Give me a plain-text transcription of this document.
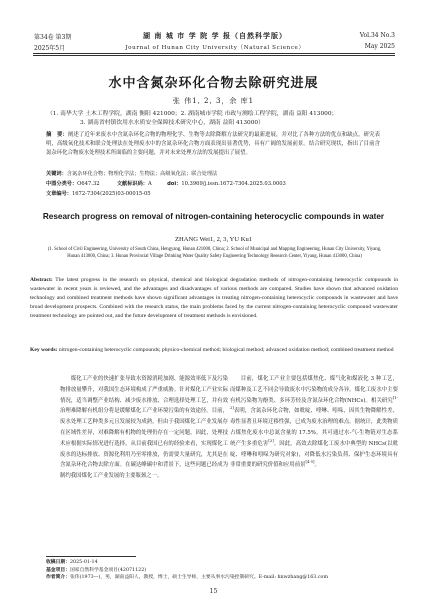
第34卷 第3期	湖 南 城 市 学 院 学 报（自然科学版）	Vol.34 No.3
2025年5月	Journal of Hunan City University（Natural Science）	May 2025
水中含氮杂环化合物去除研究进展
张 伟1, 2, 3，余 库1
（1. 南华大学 土木工程学院，湖南 衡阳 421000；2. 湖南城市学院 市政与测绘工程学院，湖南 益阳 413000；
3. 湖南省村镇饮用水水质安全保障技术研究中心，湖南 益阳 413000）
摘　要：阐述了近年来废水中含氮杂环化合物的物理化学、生物等去除降解方法研究的最新进展，并对比了各种方法的优点和缺点。研究表明，高级氧化技术和联合处理法在处理废水中的含氮杂环化合物方面表现出显著优势，具有广阔的发展前景。结合研究现状，指出了目前含氮杂环化合物废水处理技术所面临的主要问题，并对未来处理方法的发展提出了展望。
关键词：含氮杂环化合物；物理化学法；生物法；高级氧化法；联合处理法
中图分类号：O647.32	文献标识码：A	doi：10.3969/j.issn.1672-7304.2025.03.0003
文章编号：1672-7304(2025)03-00015-05
Research progress on removal of nitrogen-containing heterocyclic compounds in water
ZHANG Wei1, 2, 3, YU Ku1
(1. School of Civil Engineering, University of South China, Hengyang, Hunan 421000, China; 2. School of Municipal and Mapping Engineering, Hunan City University, Yiyang, Hunan 413000, China; 3. Hunan Provincial Village Drinking Water Quality Safety Engineering Technology Research Center, Yiyang, Hunan 413000, China)
Abstract: The latest progress in the research on physical, chemical and biological degradation methods of nitrogen-containing heterocyclic compounds in wastewater in recent years is reviewed, and the advantages and disadvantages of various methods are compared. Studies have shown that advanced oxidation technology and combined treatment methods have shown significant advantages in treating nitrogen-containing heterocyclic compounds in wastewater and have broad development prospects. Combined with the research status, the main problems faced by the current nitrogen-containing heterocyclic compound wastewater treatment technology are pointed out, and the future development of treatment methods is envisioned.
Key words: nitrogen-containing heterocyclic compounds; physico-chemical method; biological method; advanced oxidation method; combined treatment method

煤化工产业的快速扩张导致水资源消耗加剧、能源效率低下及污染物排放量攀升，对我国生态环境构成了严重威胁。针对煤化工产业实际情况，适当调整产业结构、减少废水排放、合理选择处理工艺，并有效治理难降解有机组分将是缓解煤化工产业环境污染的有效途径。目前，废水处理工艺种类多元且发展较为成熟，但由于我国煤化工产业发展存在区域性差异，对难降解有机物的处理仍存在一定问题，因此，处理技术应根据实际情况进行选择。从目前我国已有的经验来看，实现煤化工废水的达标排放、资源化利用乃至零排放，仍需要大量研究，尤其是在含氮杂环化合物去除方面。在碳达峰碳中和背景下，这些问题已经成为制约我国煤化工产业发展的主要瓶颈之一。

目前，煤化工产业主要包括煤焦化、煤气化和煤液化 3 种工艺，而煤种及工艺不同会导致废水中污染物的成分各异。煤化工废水中主要有机污染物为酚类、多环芳烃及含氮杂环化合物(NHCs)。相关研究[1-2]表明，含氮杂环化合物，如吡啶、喹啉、吲哚，因其生物降解性差、毒性显著且环境迁移性强，已成为废水治理的难点。据统计，此类物质占煤焦化废水中总氮含量的 17.5%，其可通过水-气-生物链对生态系统产生多重危害[3]。因此，高效去除煤化工废水中典型的 NHCs(以吡啶、喹啉和吲哚为研究对象)，对降低水污染负荷、保护生态环境具有非常重要的研究价值和应用前景[4-5]。

收稿日期：2025-01-14
基金项目：国家自然科学基金项目(42071122)
作者简介：张伟(1973—)，男，湖南益阳人，教授，博士，硕士生导师，主要从事水污染控制研究。E-mail: hnwzhang@163.com
15
